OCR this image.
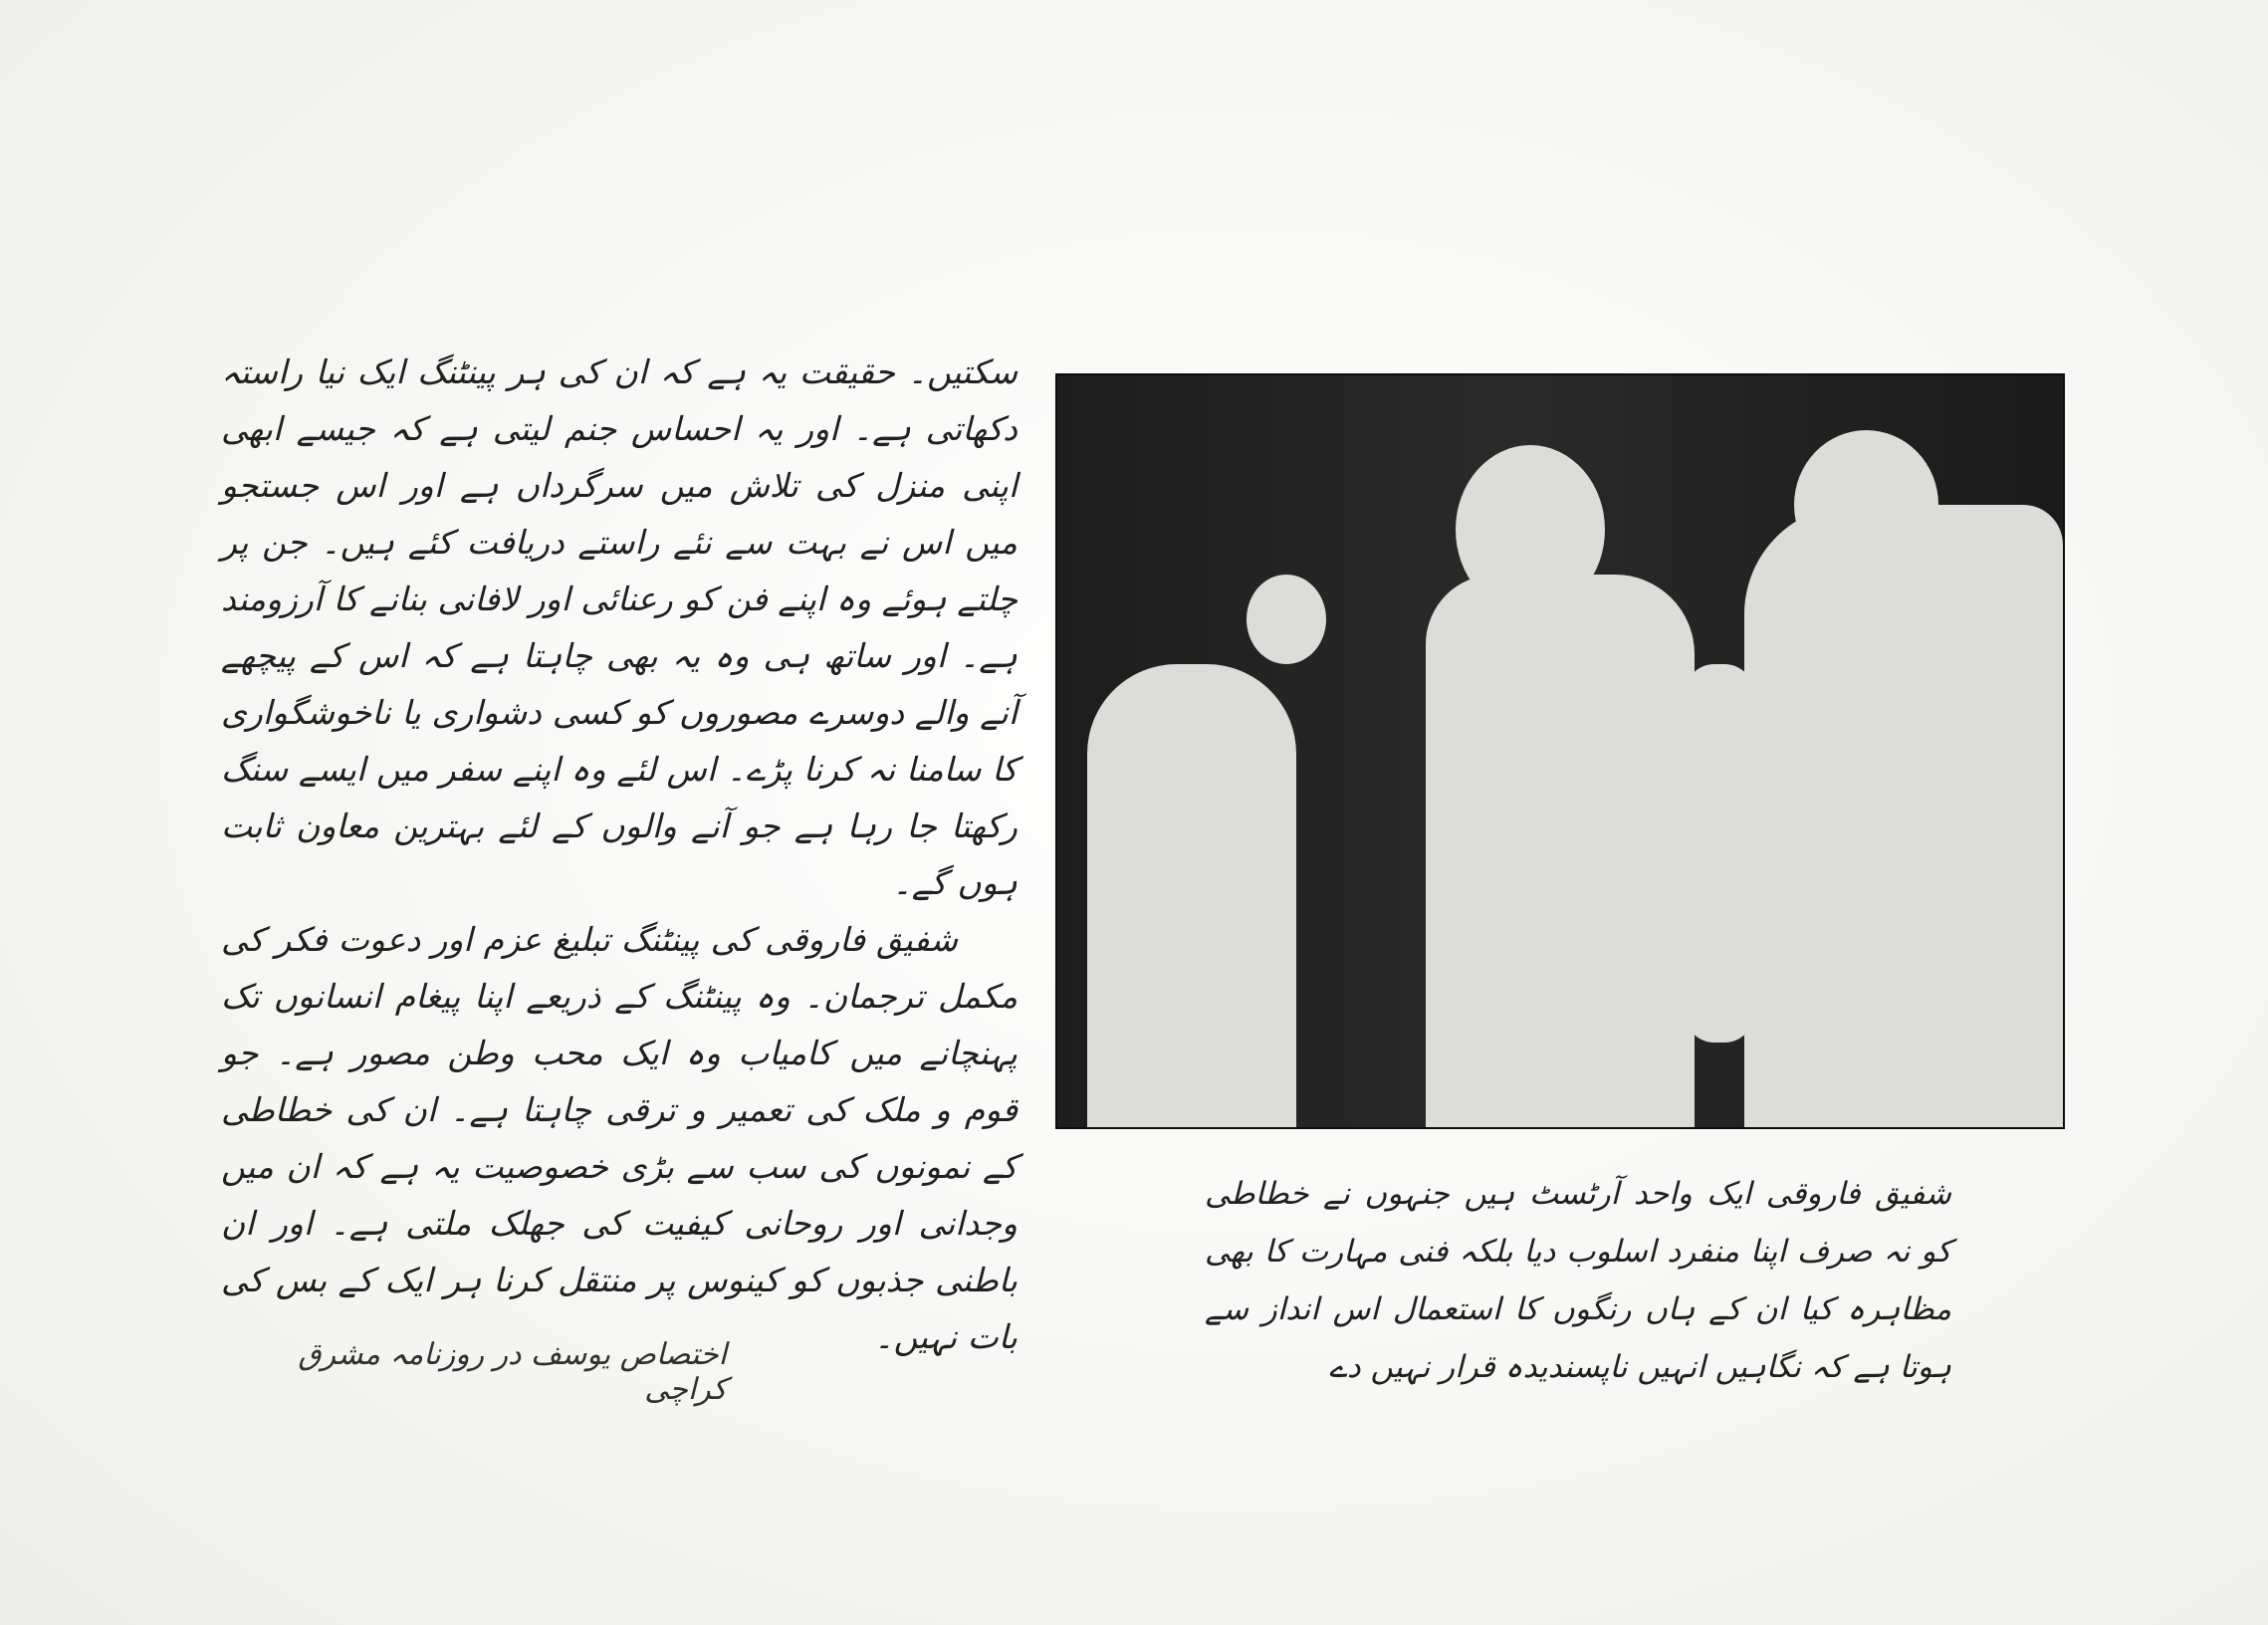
سکتیں۔ حقیقت یہ ہے کہ ان کی ہر پینٹنگ ایک نیا راستہ دکھاتی ہے۔ اور یہ احساس جنم لیتی ہے کہ جیسے ابھی اپنی منزل کی تلاش میں سرگرداں ہے اور اس جستجو میں اس نے بہت سے نئے راستے دریافت کئے ہیں۔ جن پر چلتے ہوئے وہ اپنے فن کو رعنائی اور لافانی بنانے کا آرزومند ہے۔ اور ساتھ ہی وہ یہ بھی چاہتا ہے کہ اس کے پیچھے آنے والے دوسرے مصوروں کو کسی دشواری یا ناخوشگواری کا سامنا نہ کرنا پڑے۔ اس لئے وہ اپنے سفر میں ایسے سنگ رکھتا جا رہا ہے جو آنے والوں کے لئے بہترین معاون ثابت ہوں گے۔

شفیق فاروقی کی پینٹنگ تبلیغ عزم اور دعوت فکر کی مکمل ترجمان۔ وہ پینٹنگ کے ذریعے اپنا پیغام انسانوں تک پہنچانے میں کامیاب وہ ایک محب وطن مصور ہے۔ جو قوم و ملک کی تعمیر و ترقی چاہتا ہے۔ ان کی خطاطی کے نمونوں کی سب سے بڑی خصوصیت یہ ہے کہ ان میں وجدانی اور روحانی کیفیت کی جھلک ملتی ہے۔ اور ان باطنی جذبوں کو کینوس پر منتقل کرنا ہر ایک کے بس کی بات نہیں۔

اختصاص یوسف در روزنامہ مشرق کراچی

شفیق فاروقی ایک واحد آرٹسٹ ہیں جنہوں نے خطاطی کو نہ صرف اپنا منفرد اسلوب دیا بلکہ فنی مہارت کا بھی مظاہرہ کیا ان کے ہاں رنگوں کا استعمال اس انداز سے ہوتا ہے کہ نگاہیں انہیں ناپسندیدہ قرار نہیں دے
